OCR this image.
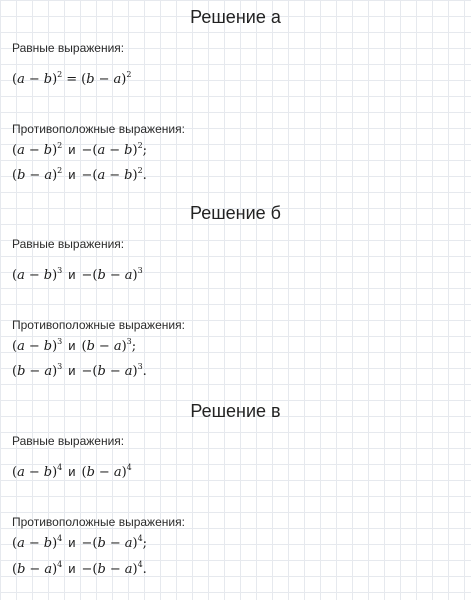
Решение а

Равные выражения:

$(a - b)^2 = (b - a)^2$

Противоположные выражения:

$(a - b)^2$ $и -(a - b)^2$;
$(b - a)^2$ $и -(a - b)^2$.
Решение б

Равные выражения:

$(a - b)^3$ $и -(b - a)^3$

Противоположные выражения:

$(a - b)^3$ и $(b - a)^3$;
$(b - a)^3$ $и -(b - a)^3$.
Решение в

Равные выражения:

$(a - b)^4$ и $(b - a)^4$

Противоположные выражения:

$(a - b)^4$ $и -(b - a)^4$;
$(b - a)^4$ $и -(b - a)^4$.
